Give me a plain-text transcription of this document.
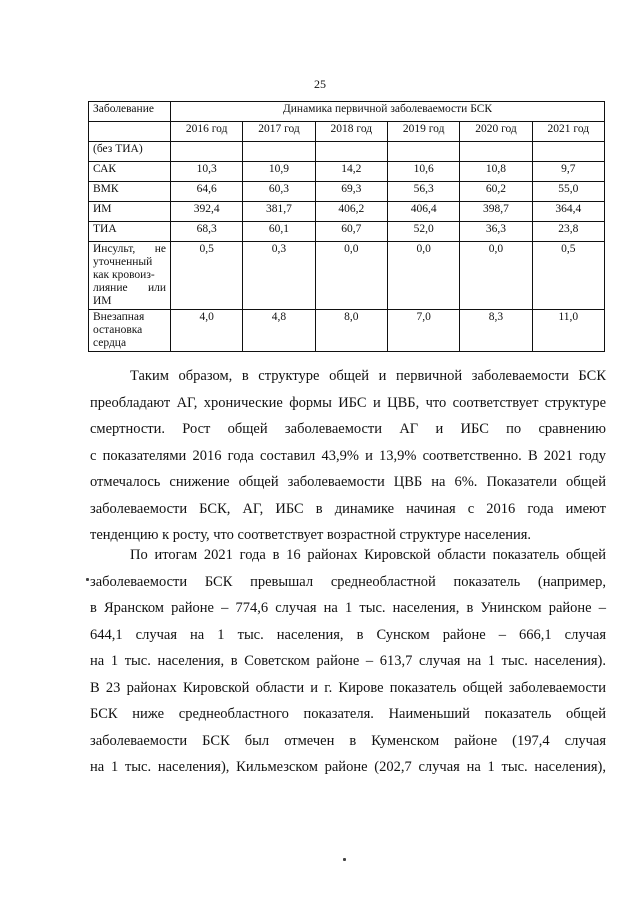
25
Заболевание	Динамика первичной заболеваемости БСК					
	2016 год	2017 год	2018 год	2019 год	2020 год	2021 год
(без ТИА)						
САК	10,3	10,9	14,2	10,6	10,8	9,7
ВМК	64,6	60,3	69,3	56,3	60,2	55,0
ИМ	392,4	381,7	406,2	406,4	398,7	364,4
ТИА	68,3	60,1	60,7	52,0	36,3	23,8

Инсульт, не
уточненный
как кровоиз-
лияние или
ИМ	0,5	0,3	0,0	0,0	0,0	0,5

Внезапная
остановка
сердца	4,0	4,8	8,0	7,0	8,3	11,0
Таким образом, в структуре общей и первичной заболеваемости БСК
преобладают АГ, хронические формы ИБС и ЦВБ, что соответствует структуре
смертности. Рост общей заболеваемости АГ и ИБС по сравнению
с показателями 2016 года составил 43,9% и 13,9% соответственно. В 2021 году
отмечалось снижение общей заболеваемости ЦВБ на 6%. Показатели общей
заболеваемости БСК, АГ, ИБС в динамике начиная с 2016 года имеют
тенденцию к росту, что соответствует возрастной структуре населения.
По итогам 2021 года в 16 районах Кировской области показатель общей
заболеваемости БСК превышал среднеобластной показатель (например,
в Яранском районе – 774,6 случая на 1 тыс. населения, в Унинском районе –
644,1 случая на 1 тыс. населения, в Сунском районе – 666,1 случая
на 1 тыс. населения, в Советском районе – 613,7 случая на 1 тыс. населения).
В 23 районах Кировской области и г. Кирове показатель общей заболеваемости
БСК ниже среднеобластного показателя. Наименьший показатель общей
заболеваемости БСК был отмечен в Куменском районе (197,4 случая
на 1 тыс. населения), Кильмезском районе (202,7 случая на 1 тыс. населения),
